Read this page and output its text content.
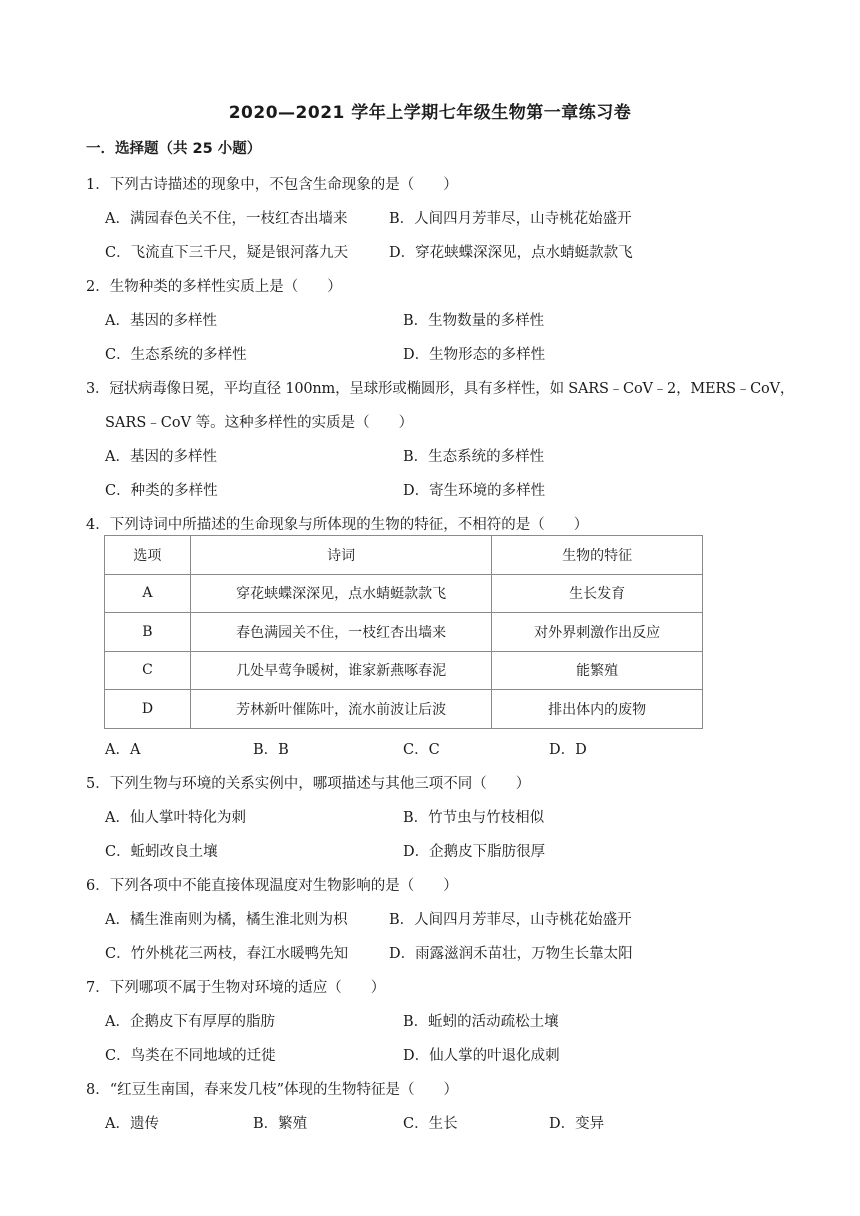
2020—2021 学年上学期七年级生物第一章练习卷
一．选择题（共 25 小题）
1．下列古诗描述的现象中，不包含生命现象的是（　　）
A．满园春色关不住，一枝红杏出墙来	B．人间四月芳菲尽，山寺桃花始盛开
C．飞流直下三千尺，疑是银河落九天	D．穿花蛱蝶深深见，点水蜻蜓款款飞
2．生物种类的多样性实质上是（　　）
A．基因的多样性	B．生物数量的多样性
C．生态系统的多样性	D．生物形态的多样性
3．冠状病毒像日冕，平均直径 100nm，呈球形或椭圆形，具有多样性，如 SARS﹣CoV﹣2，MERS﹣CoV，
SARS﹣CoV 等。这种多样性的实质是（　　）
A．基因的多样性	B．生态系统的多样性
C．种类的多样性	D．寄生环境的多样性
4．下列诗词中所描述的生命现象与所体现的生物的特征，不相符的是（　　）
选项	诗词	生物的特征
A	穿花蛱蝶深深见，点水蜻蜓款款飞	生长发育
B	春色满园关不住，一枝红杏出墙来	对外界刺激作出反应
C	几处早莺争暖树，谁家新燕啄春泥	能繁殖
D	芳林新叶催陈叶，流水前波让后波	排出体内的废物
A．A	B．B	C．C	D．D
5．下列生物与环境的关系实例中，哪项描述与其他三项不同（　　）
A．仙人掌叶特化为刺	B．竹节虫与竹枝相似
C．蚯蚓改良土壤	D．企鹅皮下脂肪很厚
6．下列各项中不能直接体现温度对生物影响的是（　　）
A．橘生淮南则为橘，橘生淮北则为枳	B．人间四月芳菲尽，山寺桃花始盛开
C．竹外桃花三两枝，春江水暖鸭先知	D．雨露滋润禾苗壮，万物生长靠太阳
7．下列哪项不属于生物对环境的适应（　　）
A．企鹅皮下有厚厚的脂肪	B．蚯蚓的活动疏松土壤
C．鸟类在不同地域的迁徙	D．仙人掌的叶退化成刺
8．“红豆生南国，春来发几枝”体现的生物特征是（　　）
A．遗传	B．繁殖	C．生长	D．变异
